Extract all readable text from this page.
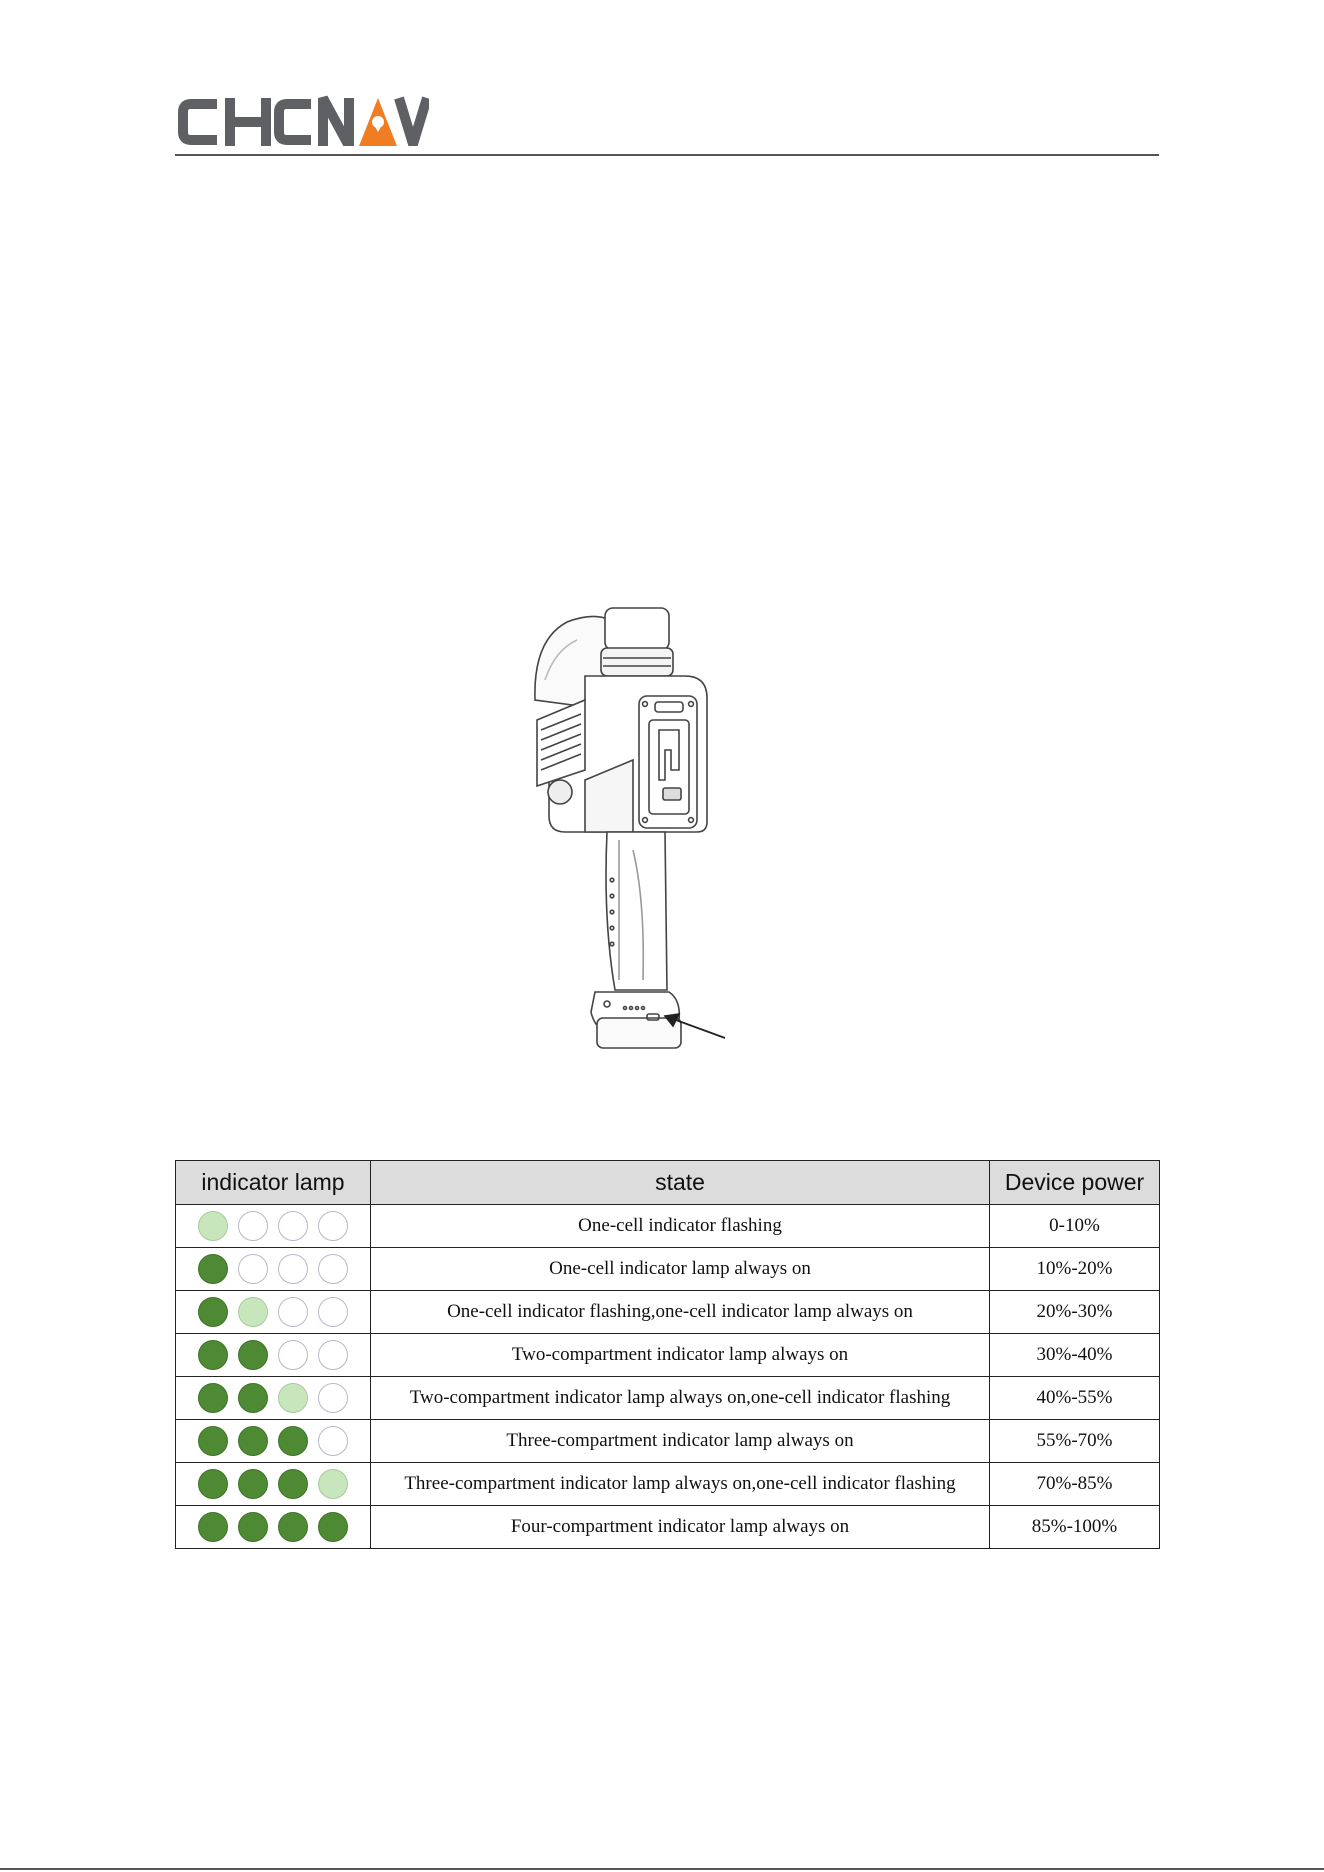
indicator lamp	state	Device power

	One-cell indicator flashing	0-10%

	One-cell indicator lamp always on	10%-20%

	One-cell indicator flashing,one-cell indicator lamp always on	20%-30%

	Two-compartment indicator lamp always on	30%-40%

	Two-compartment indicator lamp always on,one-cell indicator flashing	40%-55%

	Three-compartment indicator lamp always on	55%-70%

	Three-compartment indicator lamp always on,one-cell indicator flashing	70%-85%

	Four-compartment indicator lamp always on	85%-100%
